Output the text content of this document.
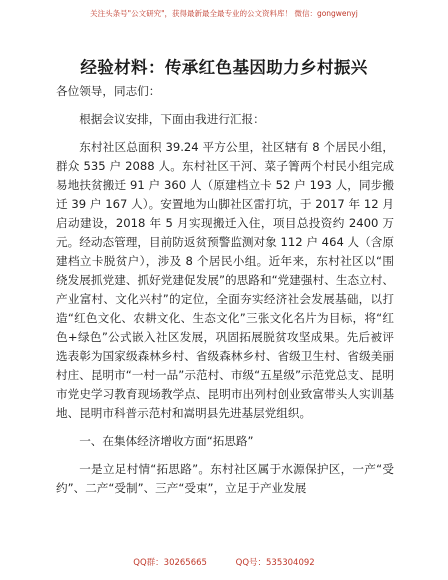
关注头条号"公文研究"，获得最新最全最专业的公文资料库！ 微信：gongwenyj
经验材料：传承红色基因助力乡村振兴

各位领导，同志们：

根据会议安排，下面由我进行汇报：

东村社区总面积 39.24 平方公里，社区辖有 8 个居民小组，群众 535 户 2088 人。东村社区干河、菜子箐两个村民小组完成易地扶贫搬迁 91 户 360 人（原建档立卡 52 户 193 人，同步搬迁 39 户 167 人）。安置地为山脚社区雷打坑，于 2017 年 12 月启动建设，2018 年 5 月实现搬迁入住，项目总投资约 2400 万元。经动态管理，目前防返贫预警监测对象 112 户 464 人（含原建档立卡脱贫户），涉及 8 个居民小组。近年来，东村社区以“围绕发展抓党建、抓好党建促发展”的思路和“党建强村、生态立村、产业富村、文化兴村”的定位，全面夯实经济社会发展基础，以打造“红色文化、农耕文化、生态文化”三张文化名片为目标，将“红色+绿色”公式嵌入社区发展，巩固拓展脱贫攻坚成果。先后被评选表彰为国家级森林乡村、省级森林乡村、省级卫生村、省级美丽村庄、昆明市“一村一品”示范村、市级“五星级”示范党总支、昆明市党史学习教育现场教学点、昆明市出列村创业致富带头人实训基地、昆明市科普示范村和嵩明县先进基层党组织。

一、在集体经济增收方面“拓思路”

一是立足村情“拓思路”。东村社区属于水源保护区，一产“受约”、二产“受制”、三产“受束”，立足于产业发展

QQ群：30265665	QQ号：535304092
